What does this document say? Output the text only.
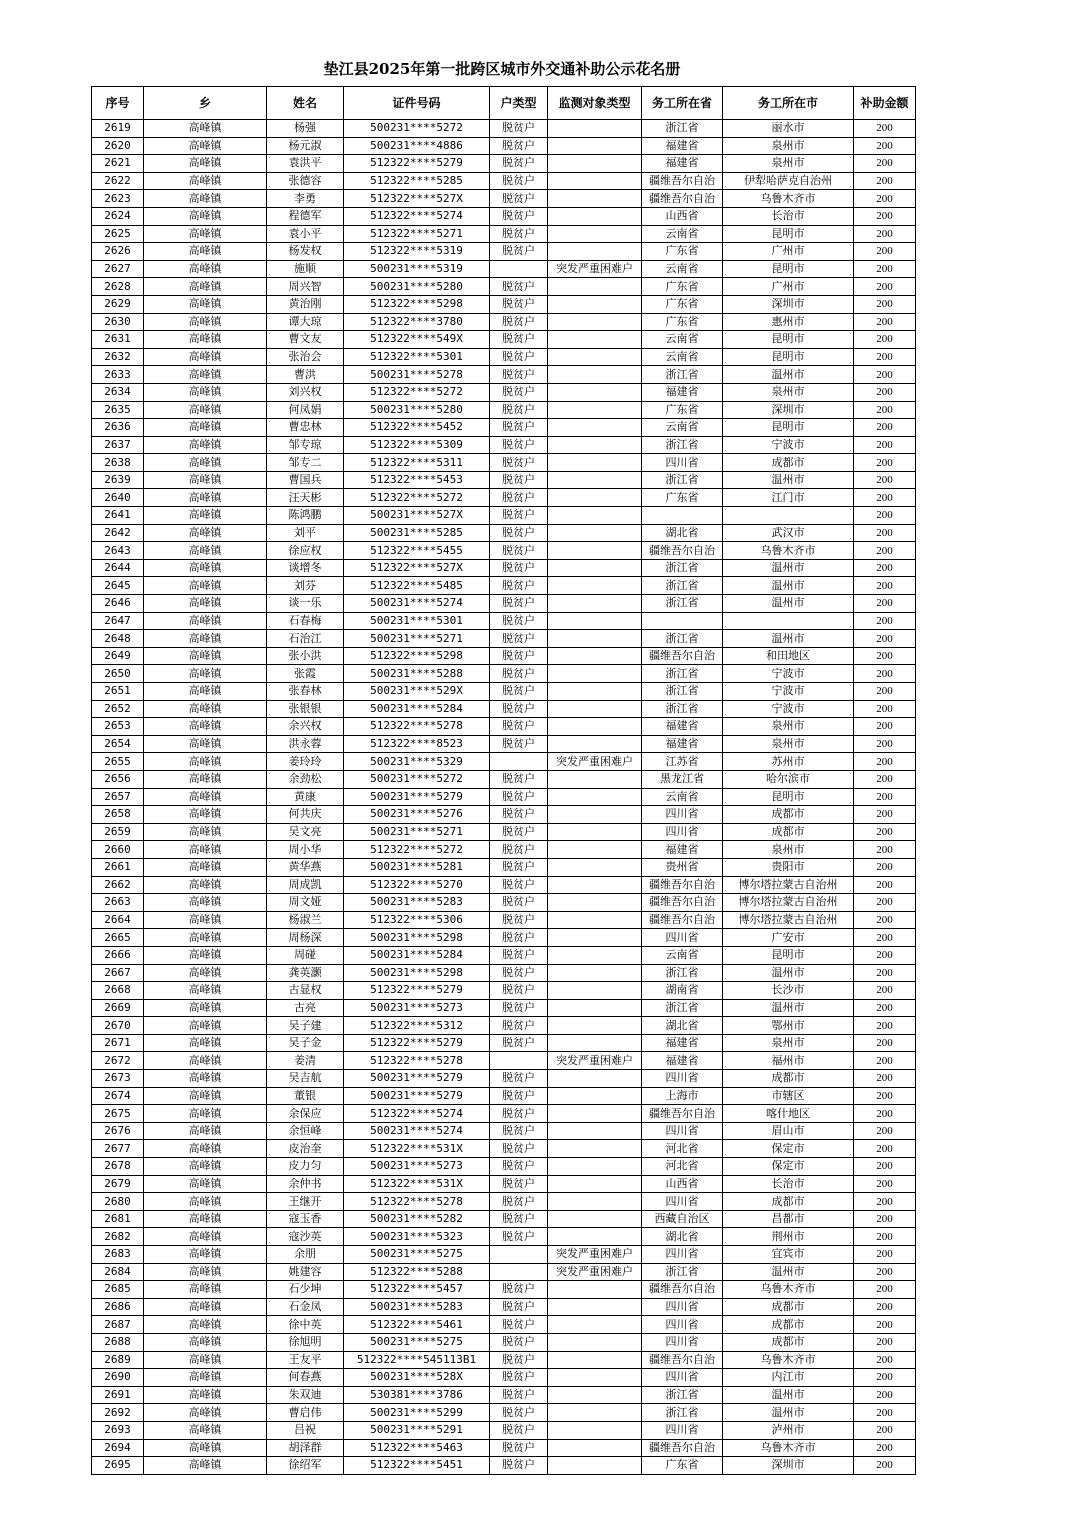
垫江县2025年第一批跨区城市外交通补助公示花名册
序号	乡	姓名	证件号码	户类型	监测对象类型	务工所在省	务工所在市	补助金额
2619	高峰镇	杨强	500231****5272	脱贫户		浙江省	丽水市	200
2620	高峰镇	杨元淑	500231****4886	脱贫户		福建省	泉州市	200
2621	高峰镇	袁洪平	512322****5279	脱贫户		福建省	泉州市	200
2622	高峰镇	张德容	512322****5285	脱贫户		疆维吾尔自治	伊犁哈萨克自治州	200
2623	高峰镇	李勇	512322****527X	脱贫户		疆维吾尔自治	乌鲁木齐市	200
2624	高峰镇	程德军	512322****5274	脱贫户		山西省	长治市	200
2625	高峰镇	袁小平	512322****5271	脱贫户		云南省	昆明市	200
2626	高峰镇	杨发权	512322****5319	脱贫户		广东省	广州市	200
2627	高峰镇	施顺	500231****5319		突发严重困难户	云南省	昆明市	200
2628	高峰镇	周兴智	500231****5280	脱贫户		广东省	广州市	200
2629	高峰镇	黄治刚	512322****5298	脱贫户		广东省	深圳市	200
2630	高峰镇	谭大琼	512322****3780	脱贫户		广东省	惠州市	200
2631	高峰镇	曹文友	512322****549X	脱贫户		云南省	昆明市	200
2632	高峰镇	张治会	512322****5301	脱贫户		云南省	昆明市	200
2633	高峰镇	曹洪	500231****5278	脱贫户		浙江省	温州市	200
2634	高峰镇	刘兴权	512322****5272	脱贫户		福建省	泉州市	200
2635	高峰镇	何凤娟	500231****5280	脱贫户		广东省	深圳市	200
2636	高峰镇	曹忠林	512322****5452	脱贫户		云南省	昆明市	200
2637	高峰镇	邹专琼	512322****5309	脱贫户		浙江省	宁波市	200
2638	高峰镇	邹专二	512322****5311	脱贫户		四川省	成都市	200
2639	高峰镇	曹国兵	512322****5453	脱贫户		浙江省	温州市	200
2640	高峰镇	汪天彬	512322****5272	脱贫户		广东省	江门市	200
2641	高峰镇	陈鸿鹏	500231****527X	脱贫户				200
2642	高峰镇	刘平	500231****5285	脱贫户		湖北省	武汉市	200
2643	高峰镇	徐应权	512322****5455	脱贫户		疆维吾尔自治	乌鲁木齐市	200
2644	高峰镇	谈增冬	512322****527X	脱贫户		浙江省	温州市	200
2645	高峰镇	刘芬	512322****5485	脱贫户		浙江省	温州市	200
2646	高峰镇	谈一乐	500231****5274	脱贫户		浙江省	温州市	200
2647	高峰镇	石春梅	500231****5301	脱贫户				200
2648	高峰镇	石治江	500231****5271	脱贫户		浙江省	温州市	200
2649	高峰镇	张小洪	512322****5298	脱贫户		疆维吾尔自治	和田地区	200
2650	高峰镇	张霞	500231****5288	脱贫户		浙江省	宁波市	200
2651	高峰镇	张春林	500231****529X	脱贫户		浙江省	宁波市	200
2652	高峰镇	张银银	500231****5284	脱贫户		浙江省	宁波市	200
2653	高峰镇	余兴权	512322****5278	脱贫户		福建省	泉州市	200
2654	高峰镇	洪永蓉	512322****8523	脱贫户		福建省	泉州市	200
2655	高峰镇	姜玲玲	500231****5329		突发严重困难户	江苏省	苏州市	200
2656	高峰镇	余劲松	500231****5272	脱贫户		黑龙江省	哈尔滨市	200
2657	高峰镇	黄康	500231****5279	脱贫户		云南省	昆明市	200
2658	高峰镇	何共庆	500231****5276	脱贫户		四川省	成都市	200
2659	高峰镇	吴文亮	500231****5271	脱贫户		四川省	成都市	200
2660	高峰镇	周小华	512322****5272	脱贫户		福建省	泉州市	200
2661	高峰镇	黄华燕	500231****5281	脱贫户		贵州省	贵阳市	200
2662	高峰镇	周成凯	512322****5270	脱贫户		疆维吾尔自治	博尔塔拉蒙古自治州	200
2663	高峰镇	周文娅	500231****5283	脱贫户		疆维吾尔自治	博尔塔拉蒙古自治州	200
2664	高峰镇	杨淑兰	512322****5306	脱贫户		疆维吾尔自治	博尔塔拉蒙古自治州	200
2665	高峰镇	周杨深	500231****5298	脱贫户		四川省	广安市	200
2666	高峰镇	周碰	500231****5284	脱贫户		云南省	昆明市	200
2667	高峰镇	龚英灏	500231****5298	脱贫户		浙江省	温州市	200
2668	高峰镇	古显权	512322****5279	脱贫户		湖南省	长沙市	200
2669	高峰镇	古亮	500231****5273	脱贫户		浙江省	温州市	200
2670	高峰镇	吴子建	512322****5312	脱贫户		湖北省	鄂州市	200
2671	高峰镇	吴子金	512322****5279	脱贫户		福建省	泉州市	200
2672	高峰镇	姜清	512322****5278		突发严重困难户	福建省	福州市	200
2673	高峰镇	吴吉航	500231****5279	脱贫户		四川省	成都市	200
2674	高峰镇	董银	500231****5279	脱贫户		上海市	市辖区	200
2675	高峰镇	余保应	512322****5274	脱贫户		疆维吾尔自治	喀什地区	200
2676	高峰镇	余恒峰	500231****5274	脱贫户		四川省	眉山市	200
2677	高峰镇	皮治奎	512322****531X	脱贫户		河北省	保定市	200
2678	高峰镇	皮力匀	500231****5273	脱贫户		河北省	保定市	200
2679	高峰镇	余仲书	512322****531X	脱贫户		山西省	长治市	200
2680	高峰镇	王继开	512322****5278	脱贫户		四川省	成都市	200
2681	高峰镇	寇玉香	500231****5282	脱贫户		西藏自治区	昌都市	200
2682	高峰镇	寇沙英	500231****5323	脱贫户		湖北省	荆州市	200
2683	高峰镇	余朋	500231****5275		突发严重困难户	四川省	宜宾市	200
2684	高峰镇	姚建容	512322****5288		突发严重困难户	浙江省	温州市	200
2685	高峰镇	石少坤	512322****5457	脱贫户		疆维吾尔自治	乌鲁木齐市	200
2686	高峰镇	石金凤	500231****5283	脱贫户		四川省	成都市	200
2687	高峰镇	徐中英	512322****5461	脱贫户		四川省	成都市	200
2688	高峰镇	徐旭明	500231****5275	脱贫户		四川省	成都市	200
2689	高峰镇	王友平	512322****545113B1	脱贫户		疆维吾尔自治	乌鲁木齐市	200
2690	高峰镇	何春燕	500231****528X	脱贫户		四川省	内江市	200
2691	高峰镇	朱双迪	530381****3786	脱贫户		浙江省	温州市	200
2692	高峰镇	曹启伟	500231****5299	脱贫户		浙江省	温州市	200
2693	高峰镇	吕祝	500231****5291	脱贫户		四川省	泸州市	200
2694	高峰镇	胡泽群	512322****5463	脱贫户		疆维吾尔自治	乌鲁木齐市	200
2695	高峰镇	徐绍军	512322****5451	脱贫户		广东省	深圳市	200
